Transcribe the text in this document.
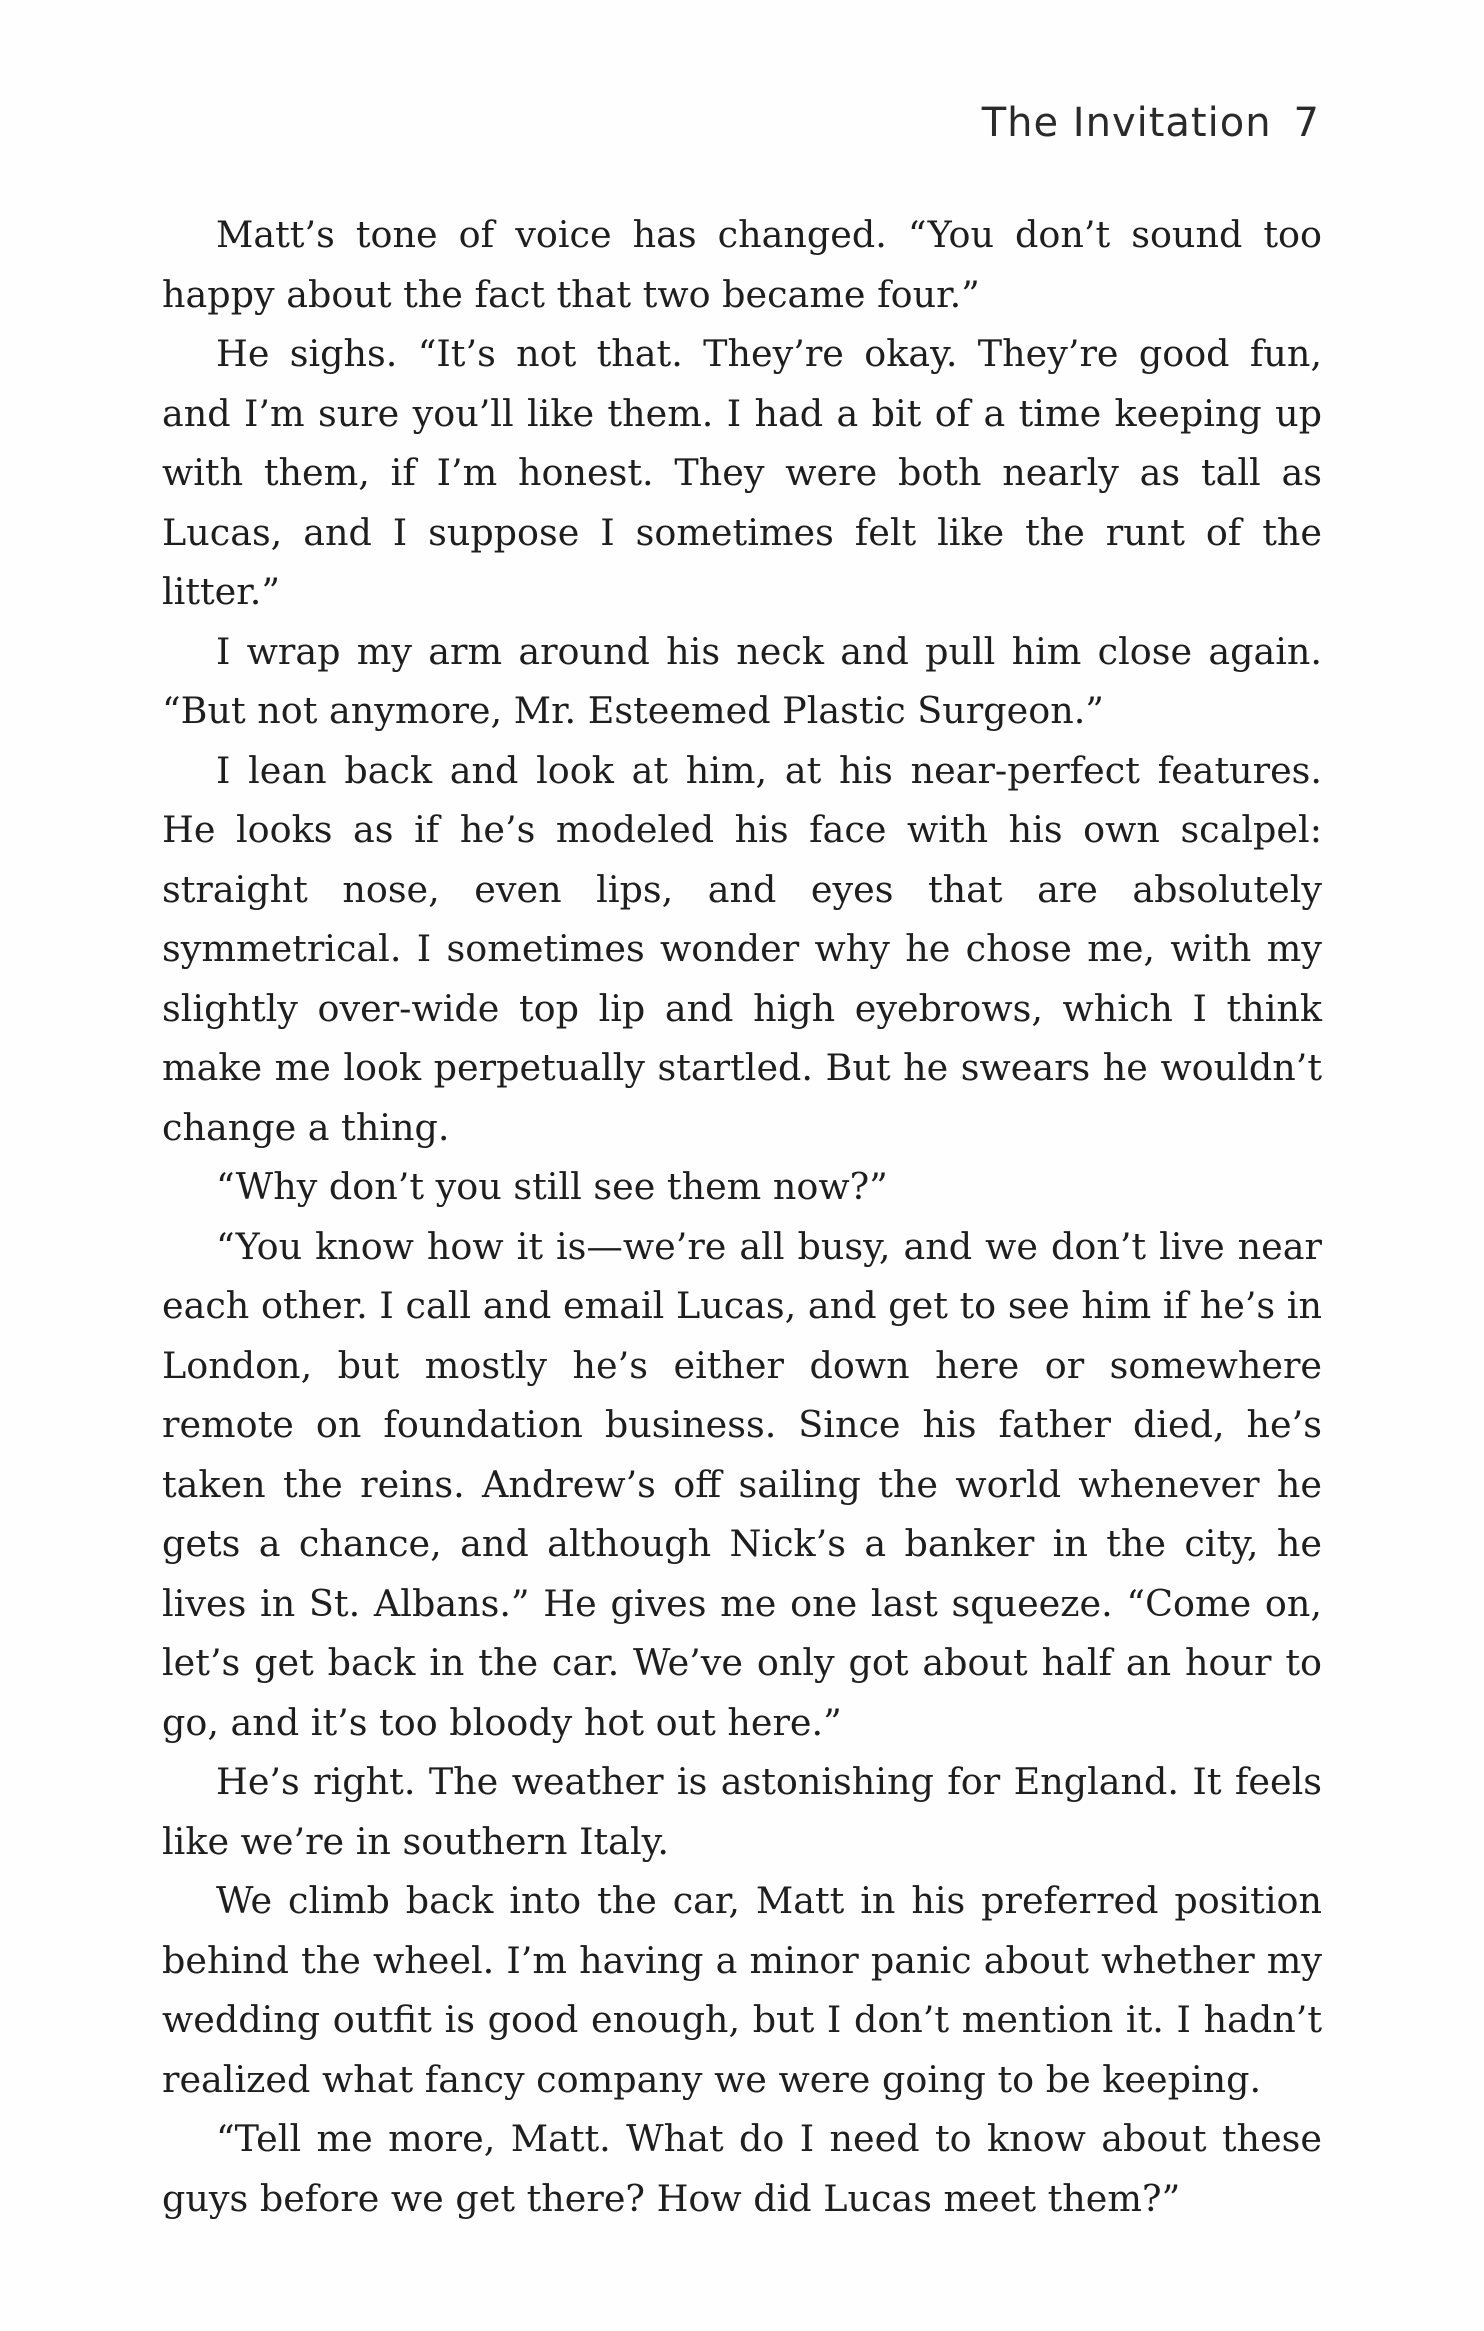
The Invitation 7

Matt’s tone of voice has changed. “You don’t sound too happy about the fact that two became four.”

He sighs. “It’s not that. They’re okay. They’re good fun, and I’m sure you’ll like them. I had a bit of a time keeping up with them, if I’m honest. They were both nearly as tall as Lucas, and I suppose I sometimes felt like the runt of the litter.”

I wrap my arm around his neck and pull him close again. “But not anymore, Mr. Esteemed Plastic Surgeon.”

I lean back and look at him, at his near-perfect features. He looks as if he’s modeled his face with his own scalpel: straight nose, even lips, and eyes that are absolutely symmetrical. I sometimes wonder why he chose me, with my slightly over-wide top lip and high eyebrows, which I think make me look perpetually startled. But he swears he wouldn’t change a thing.

“Why don’t you still see them now?”

“You know how it is—we’re all busy, and we don’t live near each other. I call and email Lucas, and get to see him if he’s in London, but mostly he’s either down here or somewhere remote on foundation business. Since his father died, he’s taken the reins. Andrew’s off sailing the world whenever he gets a chance, and although Nick’s a banker in the city, he lives in St. Albans.” He gives me one last squeeze. “Come on, let’s get back in the car. We’ve only got about half an hour to go, and it’s too bloody hot out here.”

He’s right. The weather is astonishing for England. It feels like we’re in southern Italy.

We climb back into the car, Matt in his preferred position behind the wheel. I’m having a minor panic about whether my wedding outfit is good enough, but I don’t mention it. I hadn’t realized what fancy company we were going to be keeping.

“Tell me more, Matt. What do I need to know about these guys before we get there? How did Lucas meet them?”
